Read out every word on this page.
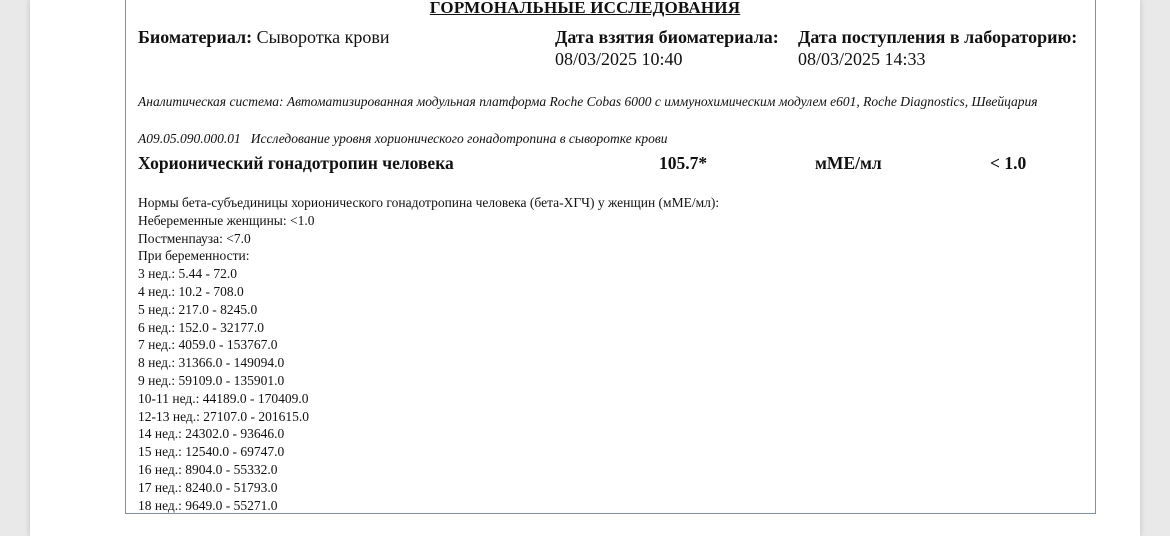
ГОРМОНАЛЬНЫЕ ИССЛЕДОВАНИЯ
Биоматериал: Сыворотка крови	Дата взятия биоматериала:
08/03/2025 10:40
Дата поступления в лабораторию:
08/03/2025 14:33
Аналитическая система: Автоматизированная модульная платформа Roche Cobas 6000 с иммунохимическим модулем e601, Roche Diagnostics, Швейцария
A09.05.090.000.01 Исследование уровня хорионического гонадотропина в сыворотке крови
Хорионический гонадотропин человека	105.7*	мМЕ/мл	< 1.0
Нормы бета-субъединицы хорионического гонадотропина человека (бета-ХГЧ) у женщин (мМЕ/мл):
Небеременные женщины: <1.0
Постменпауза: <7.0
При беременности:
3 нед.: 5.44 - 72.0
4 нед.: 10.2 - 708.0
5 нед.: 217.0 - 8245.0
6 нед.: 152.0 - 32177.0
7 нед.: 4059.0 - 153767.0
8 нед.: 31366.0 - 149094.0
9 нед.: 59109.0 - 135901.0
10-11 нед.: 44189.0 - 170409.0
12-13 нед.: 27107.0 - 201615.0
14 нед.: 24302.0 - 93646.0
15 нед.: 12540.0 - 69747.0
16 нед.: 8904.0 - 55332.0
17 нед.: 8240.0 - 51793.0
18 нед.: 9649.0 - 55271.0
